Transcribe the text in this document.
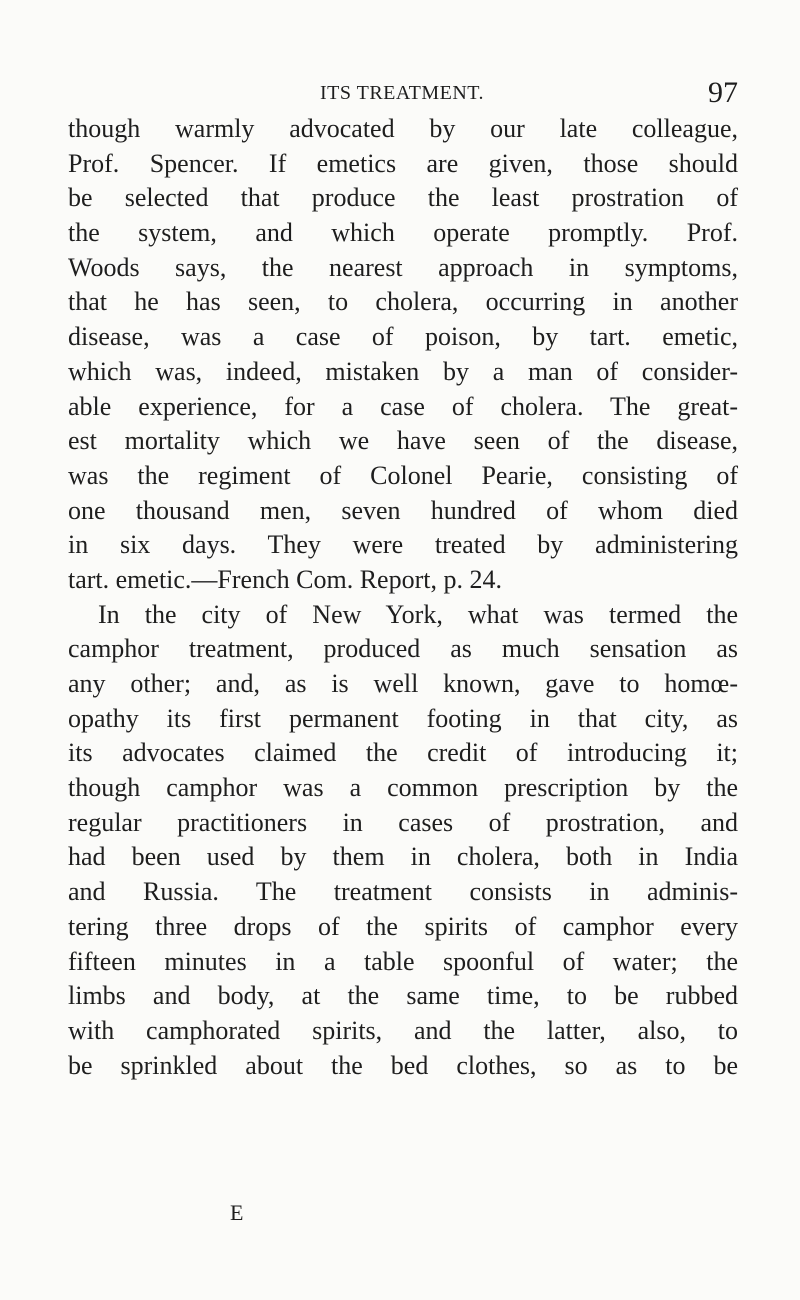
ITS TREATMENT.	97
though warmly advocated by our late colleague,
Prof. Spencer. If emetics are given, those should
be selected that produce the least prostration of
the system, and which operate promptly. Prof.
Woods says, the nearest approach in symptoms,
that he has seen, to cholera, occurring in another
disease, was a case of poison, by tart. emetic,
which was, indeed, mistaken by a man of consider-
able experience, for a case of cholera. The great-
est mortality which we have seen of the disease,
was the regiment of Colonel Pearie, consisting of
one thousand men, seven hundred of whom died
in six days. They were treated by administering
tart. emetic.—French Com. Report, p. 24.
In the city of New York, what was termed the
camphor treatment, produced as much sensation as
any other; and, as is well known, gave to homœ-
opathy its first permanent footing in that city, as
its advocates claimed the credit of introducing it;
though camphor was a common prescription by the
regular practitioners in cases of prostration, and
had been used by them in cholera, both in India
and Russia. The treatment consists in adminis-
tering three drops of the spirits of camphor every
fifteen minutes in a table spoonful of water; the
limbs and body, at the same time, to be rubbed
with camphorated spirits, and the latter, also, to
be sprinkled about the bed clothes, so as to be
E
